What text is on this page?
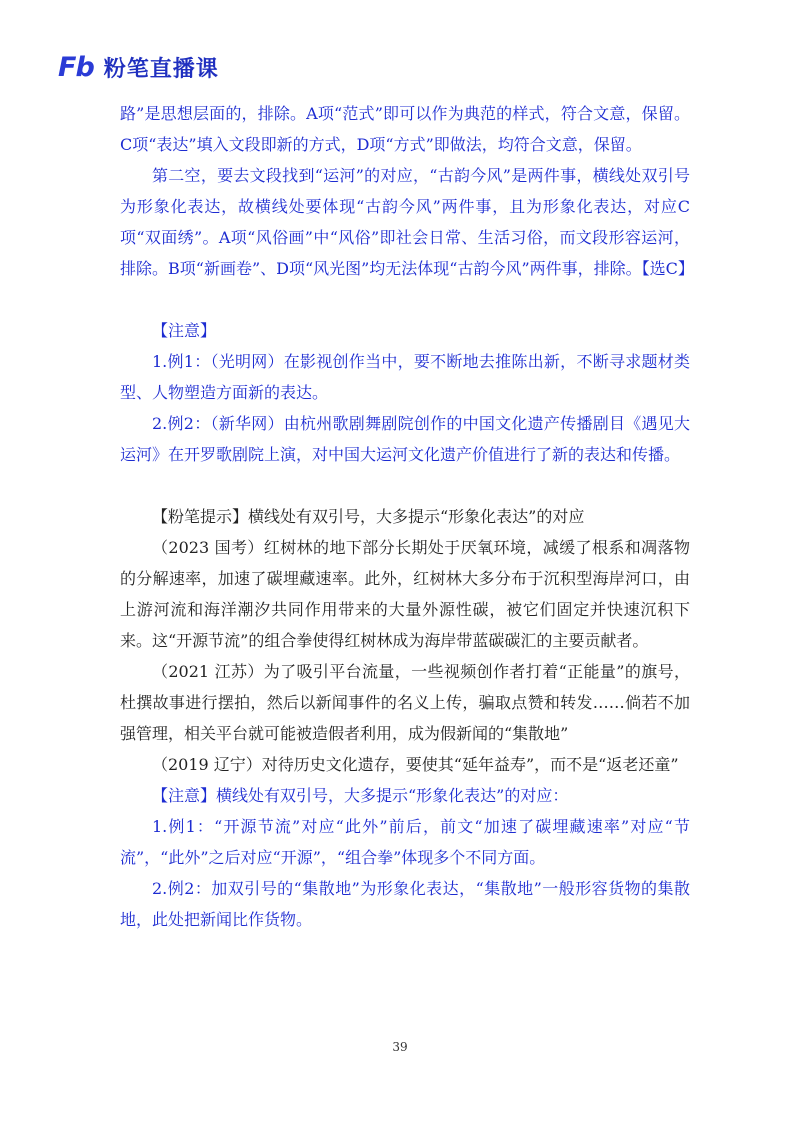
Fb 粉笔直播课

路”是思想层面的，排除。A项“范式”即可以作为典范的样式，符合文意，保留。C项“表达”填入文段即新的方式，D项“方式”即做法，均符合文意，保留。

第二空，要去文段找到“运河”的对应，“古韵今风”是两件事，横线处双引号为形象化表达，故横线处要体现“古韵今风”两件事，且为形象化表达，对应C项“双面绣”。A项“风俗画”中“风俗”即社会日常、生活习俗，而文段形容运河，排除。B项“新画卷”、D项“风光图”均无法体现“古韵今风”两件事，排除。【选C】

【注意】

1.例1：（光明网）在影视创作当中，要不断地去推陈出新，不断寻求题材类型、人物塑造方面新的表达。

2.例2：（新华网）由杭州歌剧舞剧院创作的中国文化遗产传播剧目《遇见大运河》在开罗歌剧院上演，对中国大运河文化遗产价值进行了新的表达和传播。

【粉笔提示】横线处有双引号，大多提示“形象化表达”的对应

（2023 国考）红树林的地下部分长期处于厌氧环境，减缓了根系和凋落物的分解速率，加速了碳埋藏速率。此外，红树林大多分布于沉积型海岸河口，由上游河流和海洋潮汐共同作用带来的大量外源性碳，被它们固定并快速沉积下来。这“开源节流”的组合拳使得红树林成为海岸带蓝碳碳汇的主要贡献者。

（2021 江苏）为了吸引平台流量，一些视频创作者打着“正能量”的旗号，杜撰故事进行摆拍，然后以新闻事件的名义上传，骗取点赞和转发……倘若不加强管理，相关平台就可能被造假者利用，成为假新闻的“集散地”

（2019 辽宁）对待历史文化遗存，要使其“延年益寿”，而不是“返老还童”

【注意】横线处有双引号，大多提示“形象化表达”的对应：

1.例1：“开源节流”对应“此外”前后，前文“加速了碳埋藏速率”对应“节流”，“此外”之后对应“开源”，“组合拳”体现多个不同方面。

2.例2：加双引号的“集散地”为形象化表达，“集散地”一般形容货物的集散地，此处把新闻比作货物。

39
